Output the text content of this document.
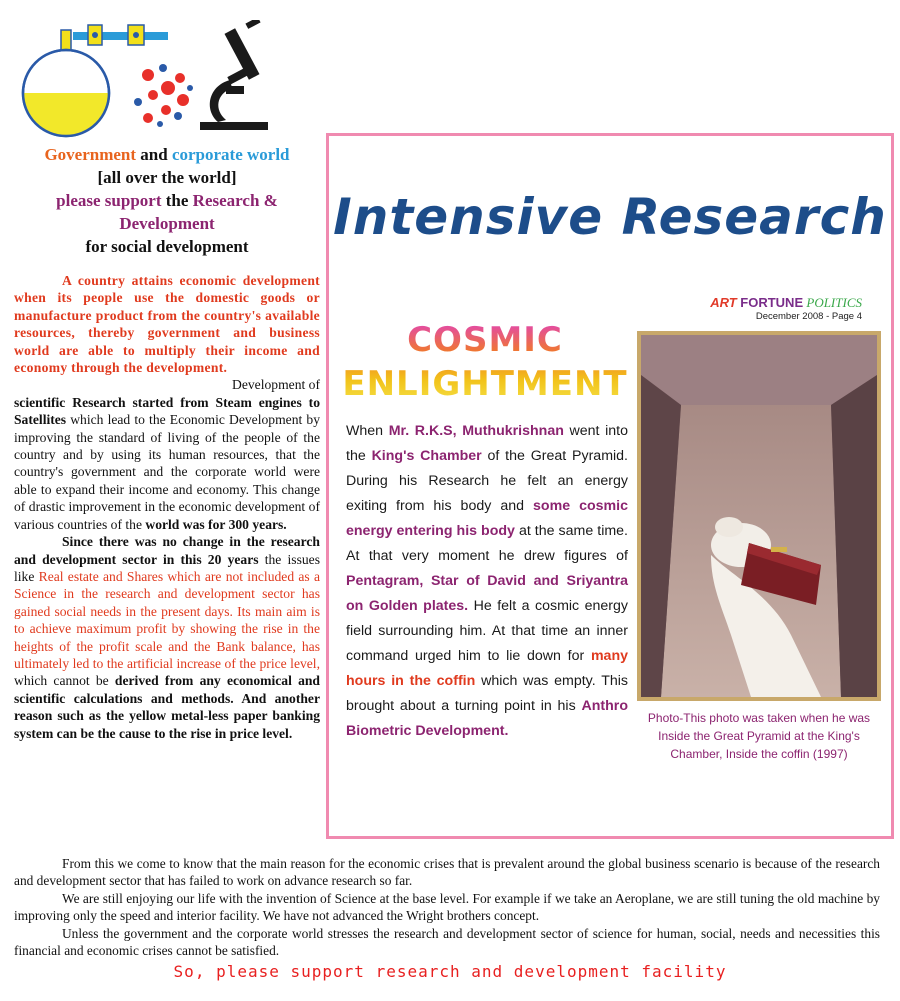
Government and corporate world
[all over the world]
please support the Research & Development
for social development

A country attains economic development when its people use the domestic goods or manufacture product from the country's available resources, thereby government and business world are able to multiply their income and economy through the development.

Development of

scientific Research started from Steam engines to Satellites which lead to the Economic Development by improving the standard of living of the people of the country and by using its human resources, that the country's government and the corporate world were able to expand their income and economy. This change of drastic improvement in the economic development of various countries of the world was for 300 years.

Since there was no change in the research and development sector in this 20 years the issues like Real estate and Shares which are not included as a Science in the research and development sector has gained social needs in the present days. Its main aim is to achieve maximum profit by showing the rise in the heights of the profit scale and the Bank balance, has ultimately led to the artificial increase of the price level, which cannot be derived from any economical and scientific calculations and methods. And another reason such as the yellow metal-less paper banking system can be the cause to the rise in price level.

Intensive Research
ART FORTUNE POLITICS
December 2008 - Page 4
COSMIC
ENLIGHTMENT
When Mr. R.K.S, Muthukrishnan went into the King's Chamber of the Great Pyramid. During his Research he felt an energy exiting from his body and some cosmic energy entering his body at the same time. At that very moment he drew figures of Pentagram, Star of David and Sriyantra on Golden plates. He felt a cosmic energy field surrounding him. At that time an inner command urged him to lie down for many hours in the coffin which was empty. This brought about a turning point in his Anthro Biometric Development.
Photo-This photo was taken when he was Inside the Great Pyramid at the King's Chamber, Inside the coffin (1997)

From this we come to know that the main reason for the economic crises that is prevalent around the global business scenario is because of the research and development sector that has failed to work on advance research so far.

We are still enjoying our life with the invention of Science at the base level. For example if we take an Aeroplane, we are still tuning the old machine by improving only the speed and interior facility. We have not advanced the Wright brothers concept.

Unless the government and the corporate world stresses the research and development sector of science for human, social, needs and necessities this financial and economic crises cannot be satisfied.

So, please support research and development facility
